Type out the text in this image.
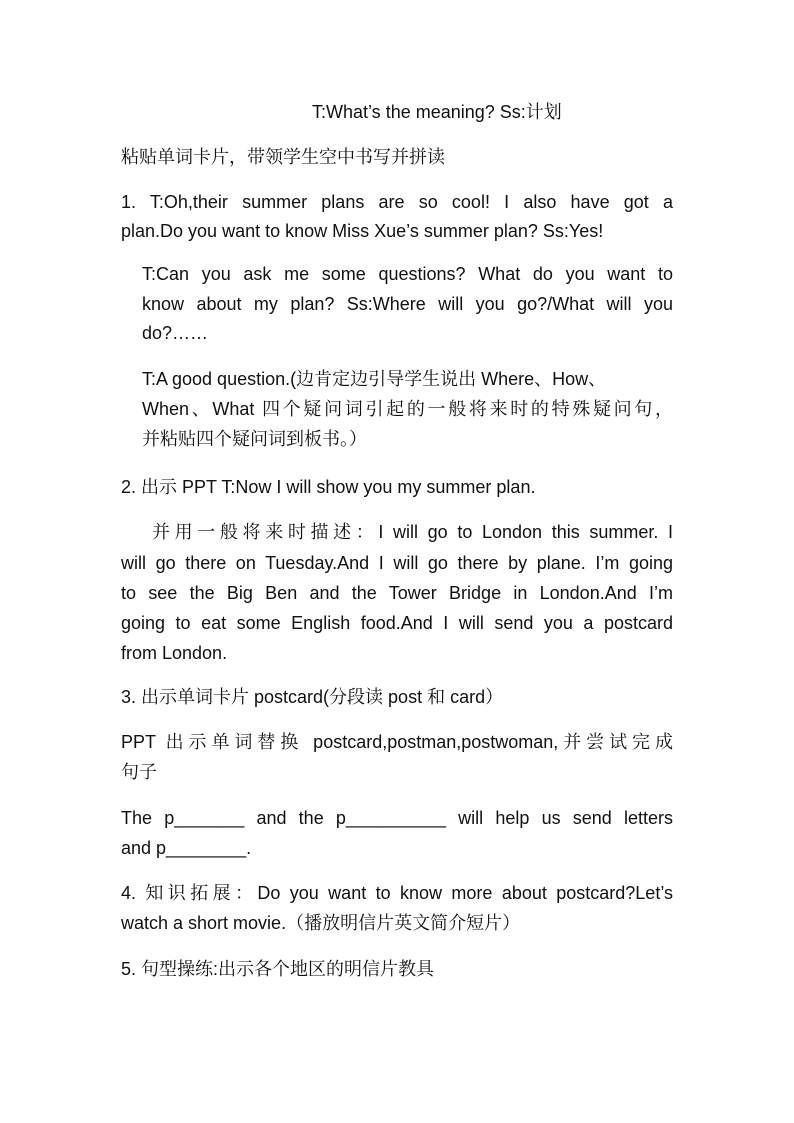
T:What’s the meaning? Ss:计划
粘贴单词卡片，带领学生空中书写并拼读
1. T:Oh,their summer plans are so cool! I also have got a
plan.Do you want to know Miss Xue’s summer plan? Ss:Yes!
T:Can you ask me some questions? What do you want to
know about my plan? Ss:Where will you go?/What will you
do?……
T:A good question.(边肯定边引导学生说出 Where、How、
When、What 四个疑问词引起的一般将来时的特殊疑问句，
并粘贴四个疑问词到板书。）
2. 出示 PPT T:Now I will show you my summer plan.
并用一般将来时描述：I will go to London this summer. I
will go there on Tuesday.And I will go there by plane. I’m going
to see the Big Ben and the Tower Bridge in London.And I’m
going to eat some English food.And I will send you a postcard
from London.
3. 出示单词卡片 postcard(分段读 post 和 card）
PPT 出示单词替换 postcard,postman,postwoman,并尝试完成
句子
The p_______ and the p__________ will help us send letters
and p________.
4. 知识拓展：Do you want to know more about postcard?Let’s
watch a short movie.（播放明信片英文简介短片）
5. 句型操练:出示各个地区的明信片教具
